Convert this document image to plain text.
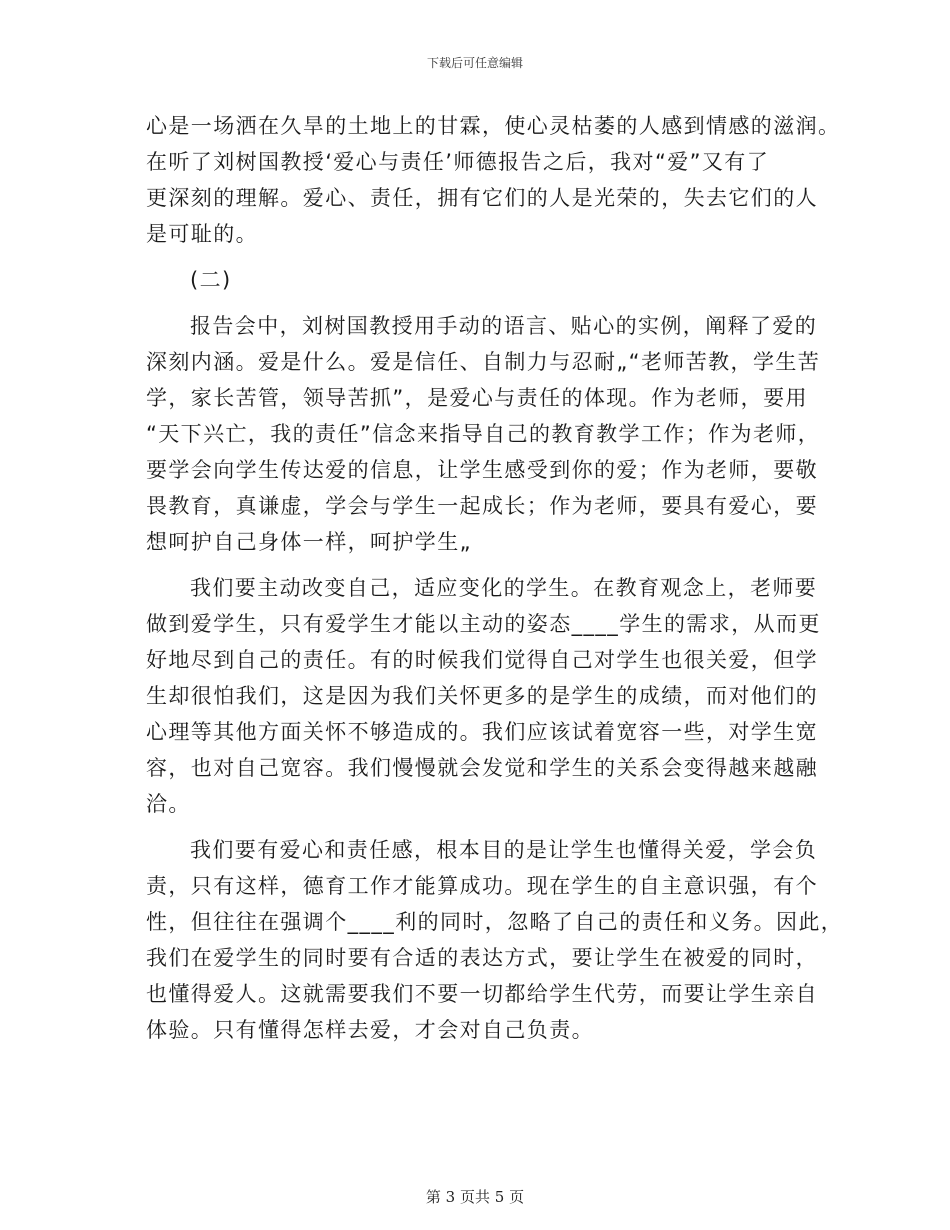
下载后可任意编辑
心是一场洒在久旱的土地上的甘霖，使心灵枯萎的人感到情感的滋润。
在听了刘树国教授‘爱心与责任’师德报告之后，我对“爱”又有了
更深刻的理解。爱心、责任，拥有它们的人是光荣的，失去它们的人
是可耻的。
(二)
报告会中，刘树国教授用手动的语言、贴心的实例，阐释了爱的
深刻内涵。爱是什么。爱是信任、自制力与忍耐„“老师苦教，学生苦
学，家长苦管，领导苦抓”，是爱心与责任的体现。作为老师，要用
“天下兴亡，我的责任”信念来指导自己的教育教学工作；作为老师，
要学会向学生传达爱的信息，让学生感受到你的爱；作为老师，要敬
畏教育，真谦虚，学会与学生一起成长；作为老师，要具有爱心，要
想呵护自己身体一样，呵护学生„
我们要主动改变自己，适应变化的学生。在教育观念上，老师要
做到爱学生，只有爱学生才能以主动的姿态____学生的需求，从而更
好地尽到自己的责任。有的时候我们觉得自己对学生也很关爱，但学
生却很怕我们，这是因为我们关怀更多的是学生的成绩，而对他们的
心理等其他方面关怀不够造成的。我们应该试着宽容一些，对学生宽
容，也对自己宽容。我们慢慢就会发觉和学生的关系会变得越来越融
洽。
我们要有爱心和责任感，根本目的是让学生也懂得关爱，学会负
责，只有这样，德育工作才能算成功。现在学生的自主意识强，有个
性，但往往在强调个____利的同时，忽略了自己的责任和义务。因此，
我们在爱学生的同时要有合适的表达方式，要让学生在被爱的同时，
也懂得爱人。这就需要我们不要一切都给学生代劳，而要让学生亲自
体验。只有懂得怎样去爱，才会对自己负责。
第 3 页共 5 页
